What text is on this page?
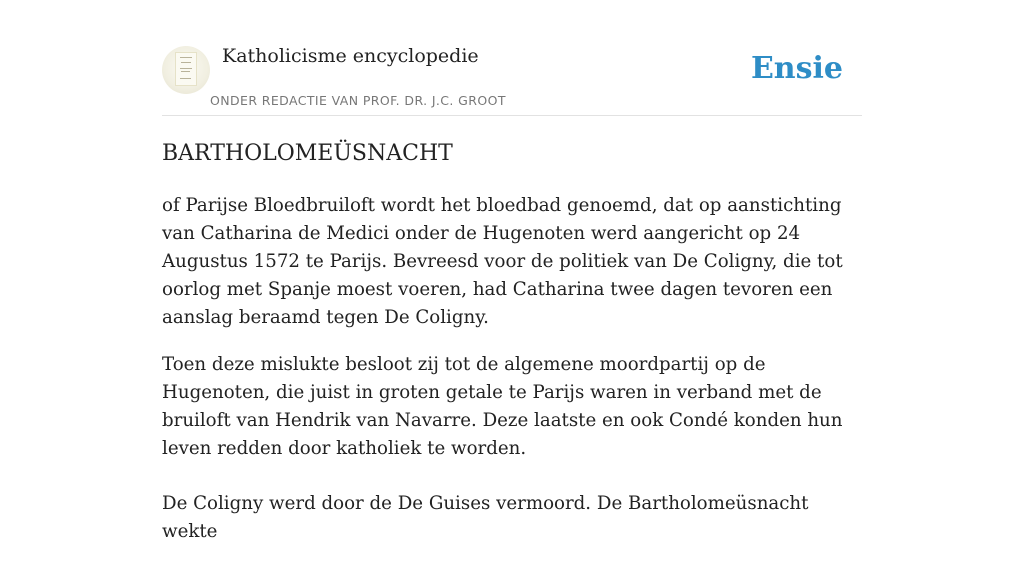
Katholicisme encyclopedie
ONDER REDACTIE VAN PROF. DR. J.C. GROOT
Ensie
BARTHOLOMEÜSNACHT

of Parijse Bloedbruiloft wordt het bloedbad genoemd, dat op aanstichting van Catharina de Medici onder de Hugenoten werd aangericht op 24 Augustus 1572 te Parijs. Bevreesd voor de politiek van De Coligny, die tot oorlog met Spanje moest voeren, had Catharina twee dagen tevoren een aanslag beraamd tegen De Coligny.

Toen deze mislukte besloot zij tot de algemene moordpartij op de Hugenoten, die juist in groten getale te Parijs waren in verband met de bruiloft van Hendrik van Navarre. Deze laatste en ook Condé konden hun leven redden door katholiek te worden.

De Coligny werd door de De Guises vermoord. De Bartholomeüsnacht wekte
